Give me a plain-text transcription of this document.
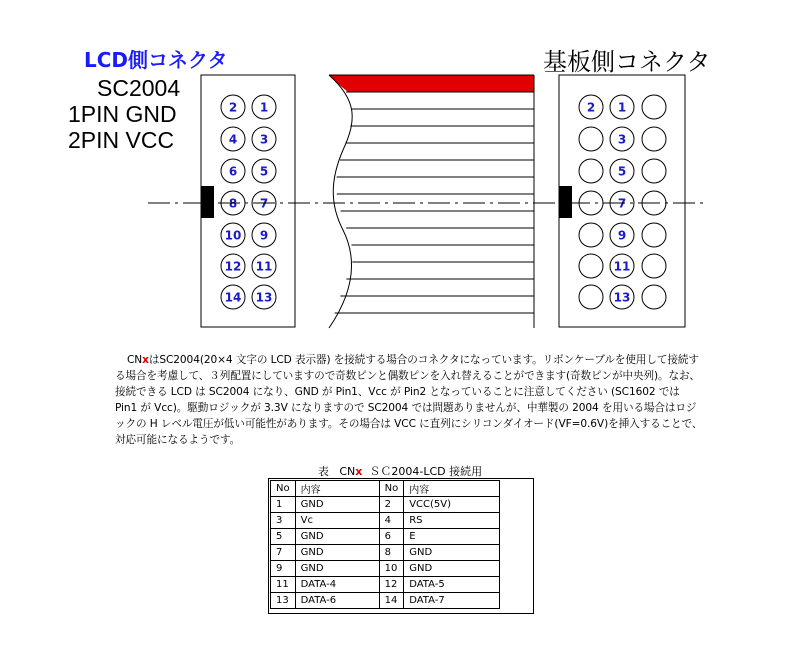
2 1
4 3
6 5
8 7
10 9
12 11
14 13
2 1
3
5
7
9
11
13
LCD側コネクタ
SC2004
1PIN GND
2PIN VCC
基板側コネクタ
CNxはSC2004(20×4 文字の LCD 表示器) を接続する場合のコネクタになっています。リボンケーブルを使用して接続する場合を考慮して、３列配置にしていますので奇数ピンと偶数ピンを入れ替えることができます(奇数ピンが中央列)。なお、接続できる LCD は SC2004 になり、GND が Pin1、Vcc が Pin2 となっていることに注意してください (SC1602 では Pin1 が Vcc)。駆動ロジックが 3.3V になりますので SC2004 では問題ありませんが、中華製の 2004 を用いる場合はロジックの H レベル電圧が低い可能性があります。その場合は VCC に直列にシリコンダイオード(VF=0.6V)を挿入することで、対応可能になるようです。
表   CNx  ＳＣ2004-LCD 接続用
No	内容	No	内容
1	GND	2	VCC(5V)
3	Vc	4	RS
5	GND	6	E
7	GND	8	GND
9	GND	10	GND
11	DATA-4	12	DATA-5
13	DATA-6	14	DATA-7
